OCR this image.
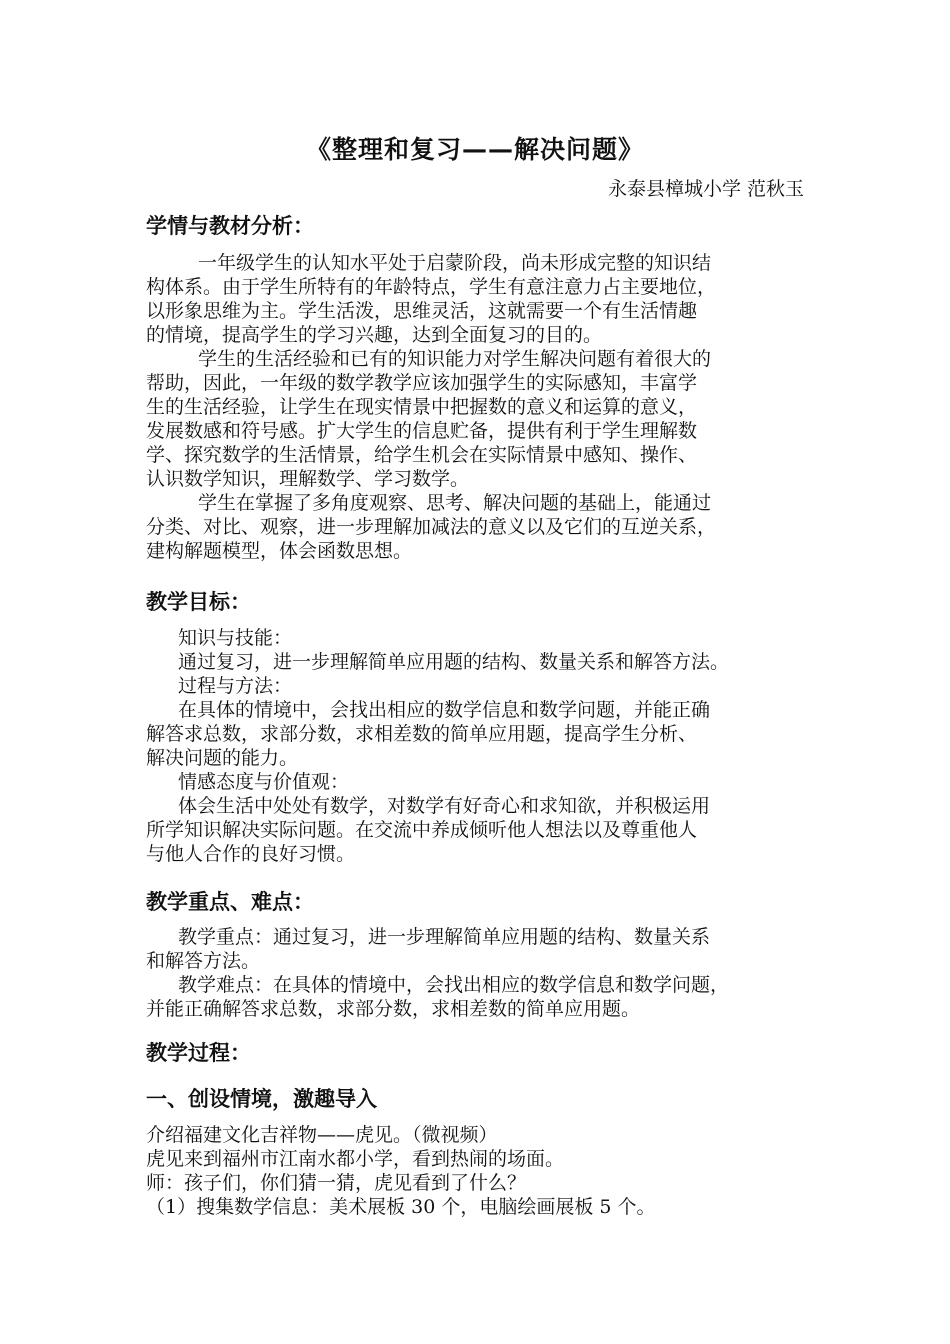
《整理和复习——解决问题》
永泰县樟城小学 范秋玉
学情与教材分析：
一年级学生的认知水平处于启蒙阶段，尚未形成完整的知识结
构体系。由于学生所特有的年龄特点，学生有意注意力占主要地位，
以形象思维为主。学生活泼，思维灵活，这就需要一个有生活情趣
的情境，提高学生的学习兴趣，达到全面复习的目的。
学生的生活经验和已有的知识能力对学生解决问题有着很大的
帮助，因此，一年级的数学教学应该加强学生的实际感知，丰富学
生的生活经验，让学生在现实情景中把握数的意义和运算的意义，
发展数感和符号感。扩大学生的信息贮备，提供有利于学生理解数
学、探究数学的生活情景，给学生机会在实际情景中感知、操作、
认识数学知识，理解数学、学习数学。
学生在掌握了多角度观察、思考、解决问题的基础上，能通过
分类、对比、观察，进一步理解加减法的意义以及它们的互逆关系，
建构解题模型，体会函数思想。
教学目标：
知识与技能：
通过复习，进一步理解简单应用题的结构、数量关系和解答方法。
过程与方法：
在具体的情境中，会找出相应的数学信息和数学问题，并能正确
解答求总数，求部分数，求相差数的简单应用题，提高学生分析、
解决问题的能力。
情感态度与价值观：
体会生活中处处有数学，对数学有好奇心和求知欲，并积极运用
所学知识解决实际问题。在交流中养成倾听他人想法以及尊重他人
与他人合作的良好习惯。
教学重点、难点：
教学重点：通过复习，进一步理解简单应用题的结构、数量关系
和解答方法。
教学难点：在具体的情境中，会找出相应的数学信息和数学问题，
并能正确解答求总数，求部分数，求相差数的简单应用题。
教学过程：
一、创设情境，激趣导入
介绍福建文化吉祥物——虎见。（微视频）
虎见来到福州市江南水都小学，看到热闹的场面。
师：孩子们，你们猜一猜，虎见看到了什么？
（1）搜集数学信息：美术展板 30 个，电脑绘画展板 5 个。
